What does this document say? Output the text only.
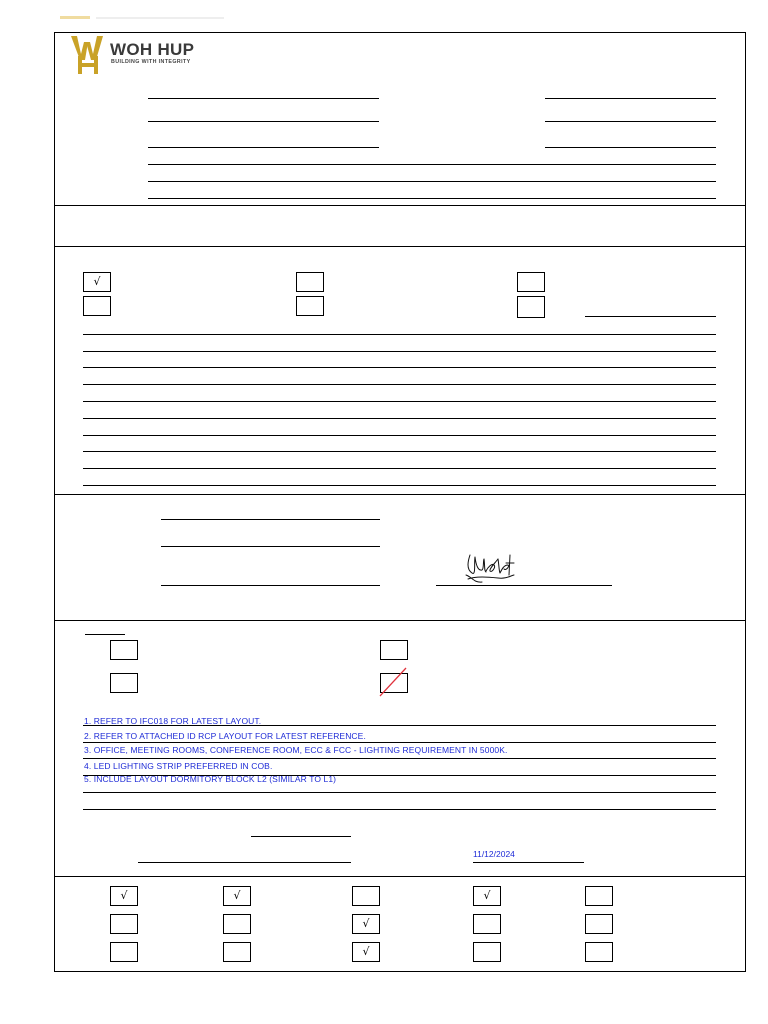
WOH HUP
BUILDING WITH INTEGRITY
√
1. REFER TO IFC018 FOR LATEST LAYOUT.
2. REFER TO ATTACHED ID RCP LAYOUT FOR LATEST REFERENCE.
3. OFFICE, MEETING ROOMS, CONFERENCE ROOM, ECC & FCC - LIGHTING REQUIREMENT IN 5000K.
4. LED LIGHTING STRIP PREFERRED IN COB.
5. INCLUDE LAYOUT DORMITORY BLOCK L2 (SIMILAR TO L1)
11/12/2024
√	√	√
√
√
